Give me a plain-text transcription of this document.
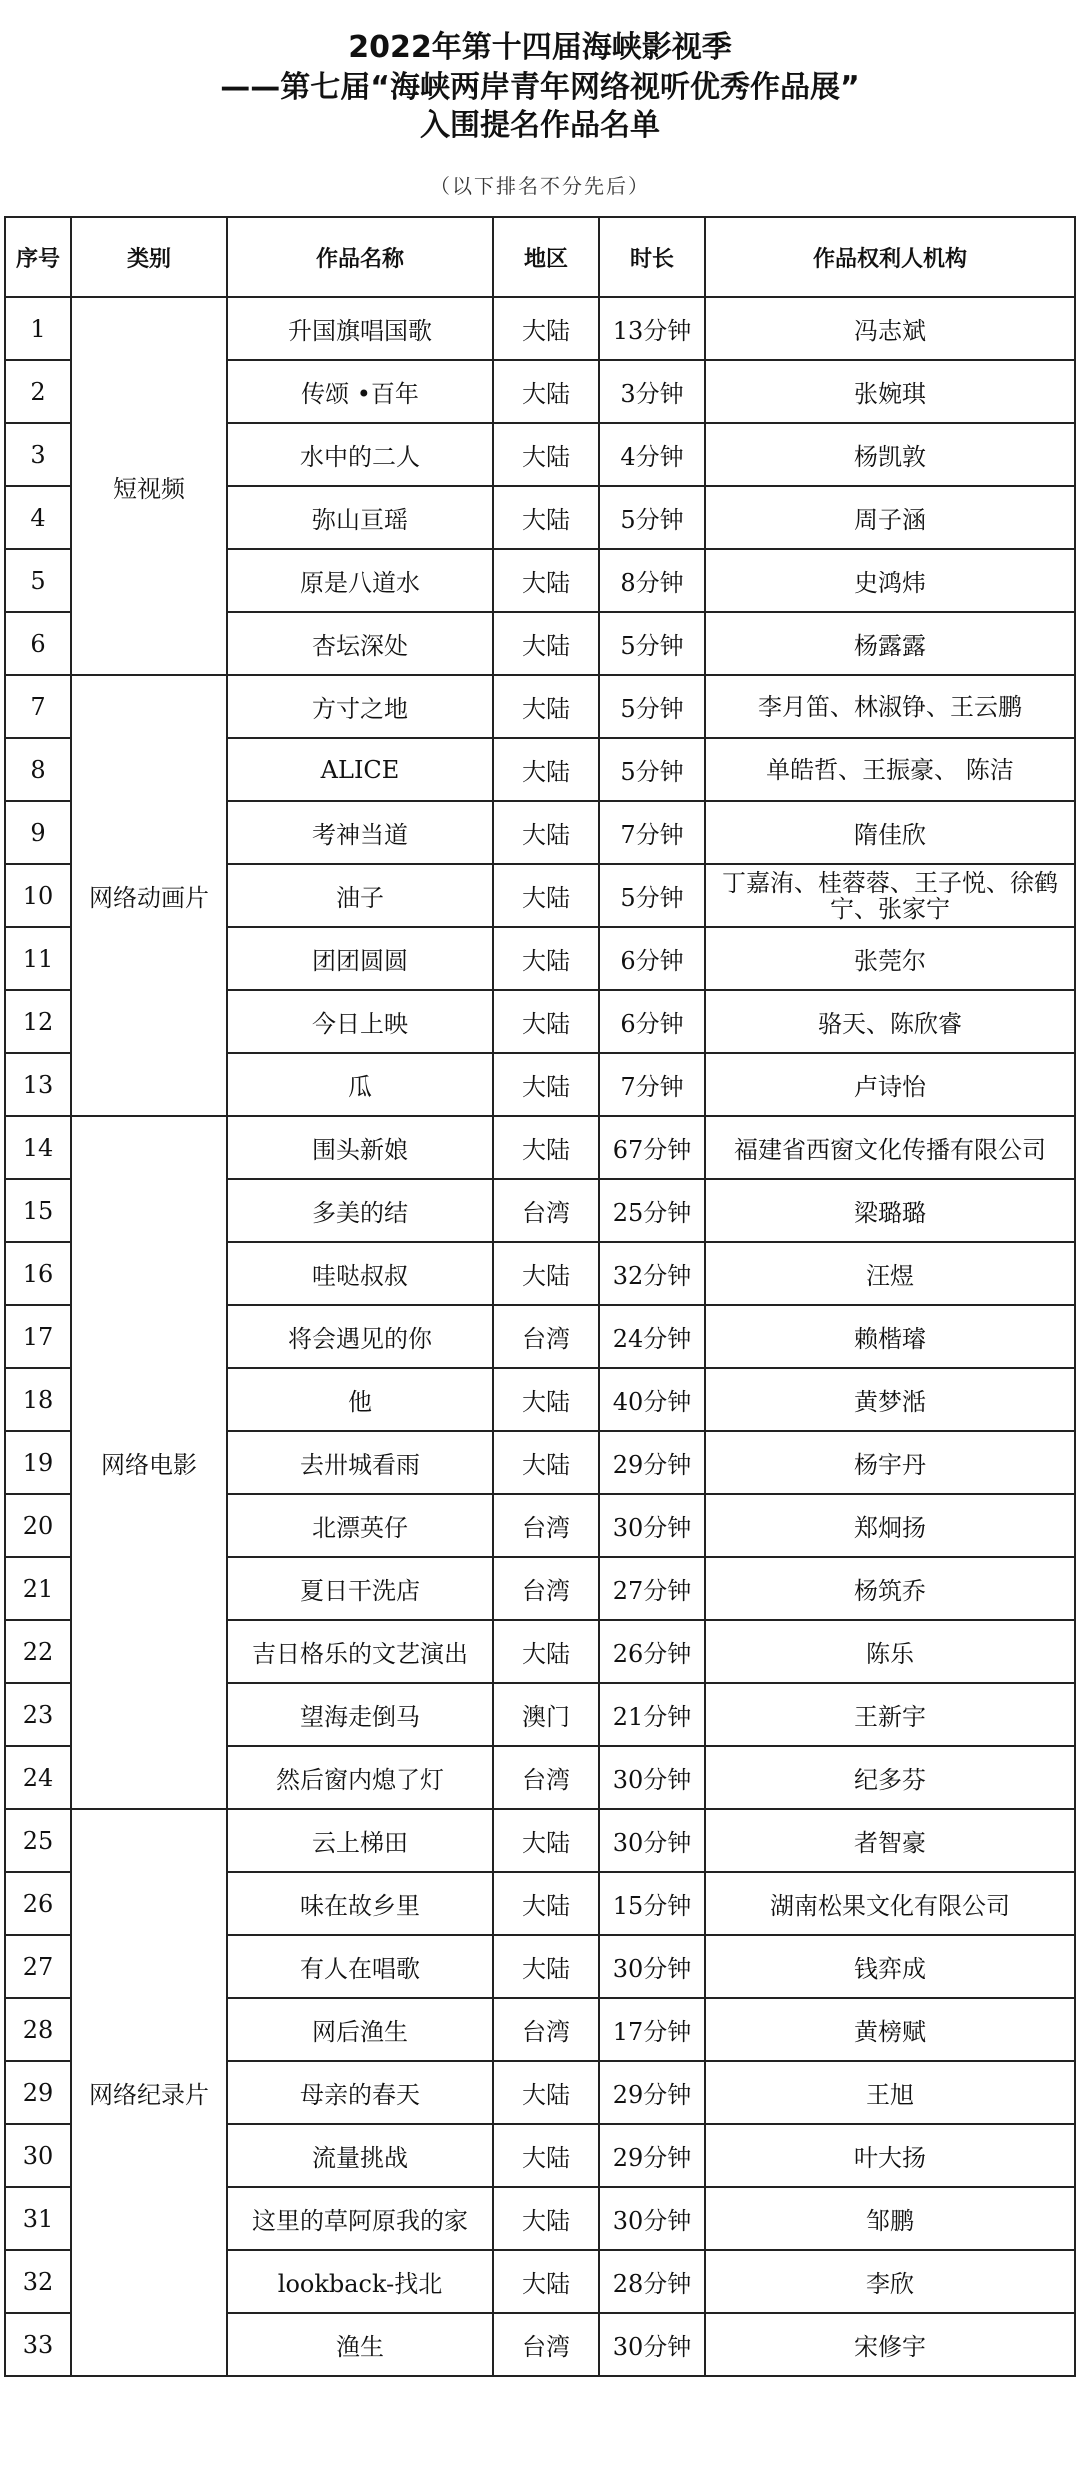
2022年第十四届海峡影视季
——第七届“海峡两岸青年网络视听优秀作品展”
入围提名作品名单
（以下排名不分先后）
序号	类别	作品名称	地区	时长	作品权利人机构
1	短视频	升国旗唱国歌	大陆	13分钟	冯志斌
2		传颂 •百年	大陆	3分钟	张婉琪
3		水中的二人	大陆	4分钟	杨凯敦
4		弥山亘瑶	大陆	5分钟	周子涵
5		原是八道水	大陆	8分钟	史鸿炜
6		杏坛深处	大陆	5分钟	杨露露
7	网络动画片	方寸之地	大陆	5分钟	李月笛、林淑铮、王云鹏
8		ALICE	大陆	5分钟	单皓哲、王振豪、 陈洁
9		考神当道	大陆	7分钟	隋佳欣
10		油子	大陆	5分钟	丁嘉洧、桂蓉蓉、王子悦、徐鹤宁、张家宁
11		团团圆圆	大陆	6分钟	张莞尔
12		今日上映	大陆	6分钟	骆天、陈欣睿
13		瓜	大陆	7分钟	卢诗怡
14	网络电影	围头新娘	大陆	67分钟	福建省西窗文化传播有限公司
15		多美的结	台湾	25分钟	梁璐璐
16		哇哒叔叔	大陆	32分钟	汪煜
17		将会遇见的你	台湾	24分钟	赖楷璿
18		他	大陆	40分钟	黄梦湉
19		去卅城看雨	大陆	29分钟	杨宇丹
20		北漂英仔	台湾	30分钟	郑炯扬
21		夏日干洗店	台湾	27分钟	杨筑乔
22		吉日格乐的文艺演出	大陆	26分钟	陈乐
23		望海走倒马	澳门	21分钟	王新宇
24		然后窗内熄了灯	台湾	30分钟	纪多芬
25	网络纪录片	云上梯田	大陆	30分钟	者智豪
26		味在故乡里	大陆	15分钟	湖南松果文化有限公司
27		有人在唱歌	大陆	30分钟	钱弈成
28		网后渔生	台湾	17分钟	黄榜赋
29		母亲的春天	大陆	29分钟	王旭
30		流量挑战	大陆	29分钟	叶大扬
31		这里的草阿原我的家	大陆	30分钟	邹鹏
32		lookback-找北	大陆	28分钟	李欣
33		渔生	台湾	30分钟	宋修宇
